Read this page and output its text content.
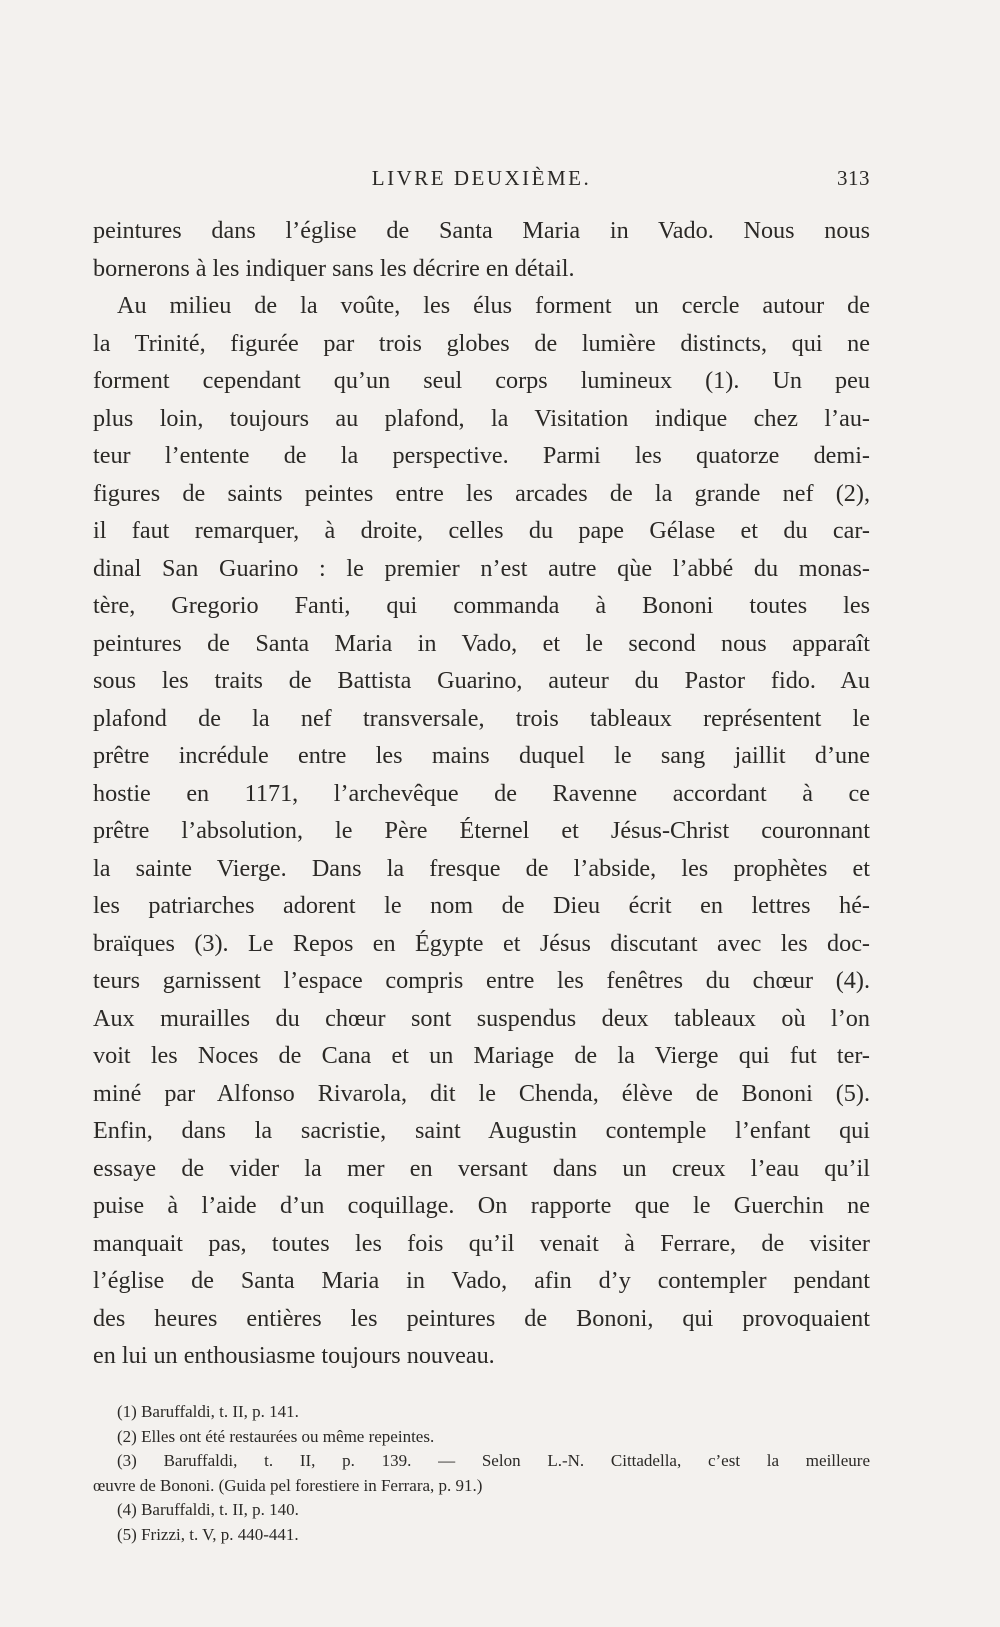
LIVRE DEUXIÈME.	313
peintures dans l’église de Santa Maria in Vado. Nous nous
bornerons à les indiquer sans les décrire en détail.
Au milieu de la voûte, les élus forment un cercle autour de
la Trinité, figurée par trois globes de lumière distincts, qui ne
forment cependant qu’un seul corps lumineux (1). Un peu
plus loin, toujours au plafond, la Visitation indique chez l’au-
teur l’entente de la perspective. Parmi les quatorze demi-
figures de saints peintes entre les arcades de la grande nef (2),
il faut remarquer, à droite, celles du pape Gélase et du car-
dinal San Guarino : le premier n’est autre qùe l’abbé du monas-
tère, Gregorio Fanti, qui commanda à Bononi toutes les
peintures de Santa Maria in Vado, et le second nous apparaît
sous les traits de Battista Guarino, auteur du Pastor fido. Au
plafond de la nef transversale, trois tableaux représentent le
prêtre incrédule entre les mains duquel le sang jaillit d’une
hostie en 1171, l’archevêque de Ravenne accordant à ce
prêtre l’absolution, le Père Éternel et Jésus-Christ couronnant
la sainte Vierge. Dans la fresque de l’abside, les prophètes et
les patriarches adorent le nom de Dieu écrit en lettres hé-
braïques (3). Le Repos en Égypte et Jésus discutant avec les doc-
teurs garnissent l’espace compris entre les fenêtres du chœur (4).
Aux murailles du chœur sont suspendus deux tableaux où l’on
voit les Noces de Cana et un Mariage de la Vierge qui fut ter-
miné par Alfonso Rivarola, dit le Chenda, élève de Bononi (5).
Enfin, dans la sacristie, saint Augustin contemple l’enfant qui
essaye de vider la mer en versant dans un creux l’eau qu’il
puise à l’aide d’un coquillage. On rapporte que le Guerchin ne
manquait pas, toutes les fois qu’il venait à Ferrare, de visiter
l’église de Santa Maria in Vado, afin d’y contempler pendant
des heures entières les peintures de Bononi, qui provoquaient
en lui un enthousiasme toujours nouveau.
(1) Baruffaldi, t. II, p. 141.
(2) Elles ont été restaurées ou même repeintes.
(3) Baruffaldi, t. II, p. 139. — Selon L.-N. Cittadella, c’est la meilleure
œuvre de Bononi. (Guida pel forestiere in Ferrara, p. 91.)
(4) Baruffaldi, t. II, p. 140.
(5) Frizzi, t. V, p. 440-441.
